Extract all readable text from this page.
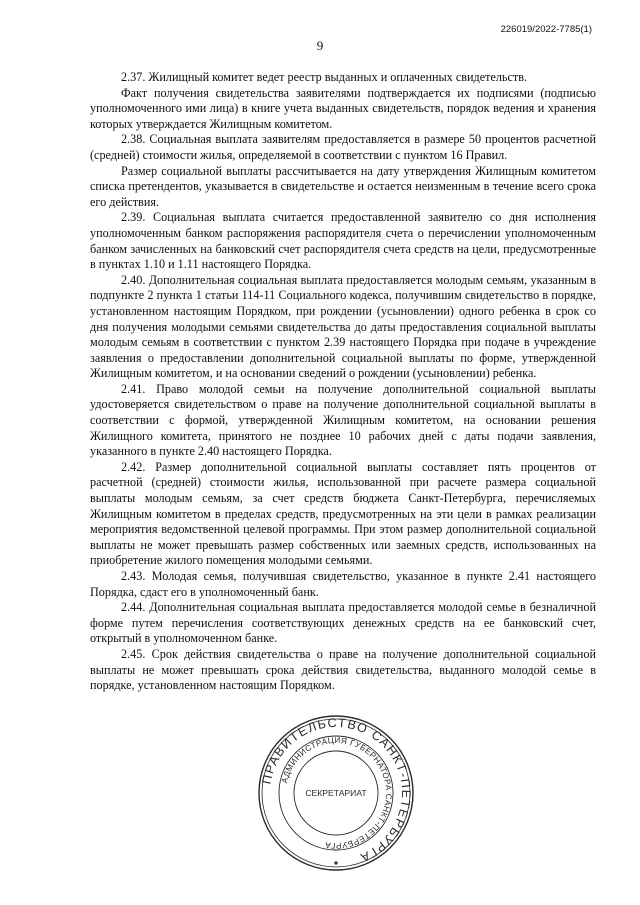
226019/2022-7785(1)
9

2.37. Жилищный комитет ведет реестр выданных и оплаченных свидетельств.

Факт получения свидетельства заявителями подтверждается их подписями (подписью уполномоченного ими лица) в книге учета выданных свидетельств, порядок ведения и хранения которых утверждается Жилищным комитетом.

2.38. Социальная выплата заявителям предоставляется в размере 50 процентов расчетной (средней) стоимости жилья, определяемой в соответствии с пунктом 16 Правил.

Размер социальной выплаты рассчитывается на дату утверждения Жилищным комитетом списка претендентов, указывается в свидетельстве и остается неизменным в течение всего срока его действия.

2.39. Социальная выплата считается предоставленной заявителю со дня исполнения уполномоченным банком распоряжения распорядителя счета о перечислении уполномоченным банком зачисленных на банковский счет распорядителя счета средств на цели, предусмотренные в пунктах 1.10 и 1.11 настоящего Порядка.

2.40. Дополнительная социальная выплата предоставляется молодым семьям, указанным в подпункте 2 пункта 1 статьи 114-11 Социального кодекса, получившим свидетельство в порядке, установленном настоящим Порядком, при рождении (усыновлении) одного ребенка в срок со дня получения молодыми семьями свидетельства до даты предоставления социальной выплаты молодым семьям в соответствии с пунктом 2.39 настоящего Порядка при подаче в учреждение заявления о предоставлении дополнительной социальной выплаты по форме, утвержденной Жилищным комитетом, и на основании сведений о рождении (усыновлении) ребенка.

2.41. Право молодой семьи на получение дополнительной социальной выплаты удостоверяется свидетельством о праве на получение дополнительной социальной выплаты в соответствии с формой, утвержденной Жилищным комитетом, на основании решения Жилищного комитета, принятого не позднее 10 рабочих дней с даты подачи заявления, указанного в пункте 2.40 настоящего Порядка.

2.42. Размер дополнительной социальной выплаты составляет пять процентов от расчетной (средней) стоимости жилья, использованной при расчете размера социальной выплаты молодым семьям, за счет средств бюджета Санкт-Петербурга, перечисляемых Жилищным комитетом в пределах средств, предусмотренных на эти цели в рамках реализации мероприятия ведомственной целевой программы. При этом размер дополнительной социальной выплаты не может превышать размер собственных или заемных средств, использованных на приобретение жилого помещения молодыми семьями.

2.43. Молодая семья, получившая свидетельство, указанное в пункте 2.41 настоящего Порядка, сдаст его в уполномоченный банк.

2.44. Дополнительная социальная выплата предоставляется молодой семье в безналичной форме путем перечисления соответствующих денежных средств на ее банковский счет, открытый в уполномоченном банке.

2.45. Срок действия свидетельства о праве на получение дополнительной социальной выплаты не может превышать срока действия свидетельства, выданного молодой семье в порядке, установленном настоящим Порядком.

ПРАВИТЕЛЬСТВО САНКТ-ПЕТЕРБУРГА
АДМИНИСТРАЦИЯ ГУБЕРНАТОРА САНКТ-ПЕТЕРБУРГА
СЕКРЕТАРИАТ
